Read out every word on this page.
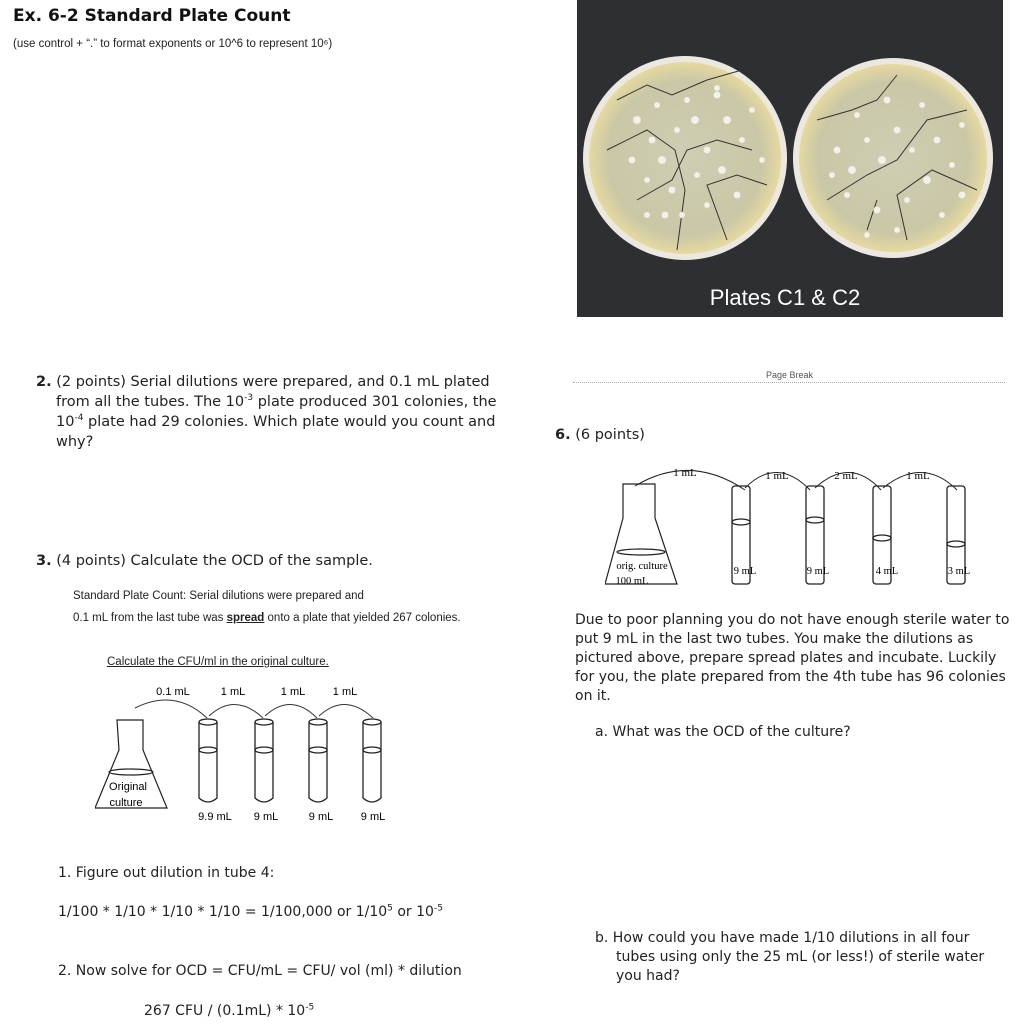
Ex. 6-2 Standard Plate Count
(use control + “.” to format exponents or 10^6 to represent 10⁶)
Plates C1 & C2
2. (2 points) Serial dilutions were prepared, and 0.1 mL plated
from all the tubes. The $10^{-3}$ plate produced 301 colonies, the
$10^{-4}$ plate had 29 colonies. Which plate would you count and
why?
3. (4 points) Calculate the OCD of the sample.
Standard Plate Count: Serial dilutions were prepared and
0.1 mL from the last tube was spread onto a plate that yielded 267 colonies.
Calculate the CFU/ml in the original culture.
0.1 mL	1 mL	1 mL	1 mL
Original
culture
9.9 mL 9 mL	9 mL	9 mL
1. Figure out dilution in tube 4:
1/100 * 1/10 * 1/10 * 1/10 = 1/100,000 or $1/10^5$ or $10^{-5}$
2. Now solve for OCD = CFU/mL = CFU/ vol (ml) * dilution
267 CFU / $(0.1mL) * 10^{-5}$
Page Break
6. (6 points)
1 mL	1 mL	2 mL	1 mL
orig. culture
100 mL
9 mL	9 mL	4 mL	3 mL
Due to poor planning you do not have enough sterile water to
put 9 mL in the last two tubes. You make the dilutions as
pictured above, prepare spread plates and incubate. Luckily
for you, the plate prepared from the 4th tube has 96 colonies
on it.
a. What was the OCD of the culture?
b. How could you have made 1/10 dilutions in all four
tubes using only the 25 mL (or less!) of sterile water
you had?
